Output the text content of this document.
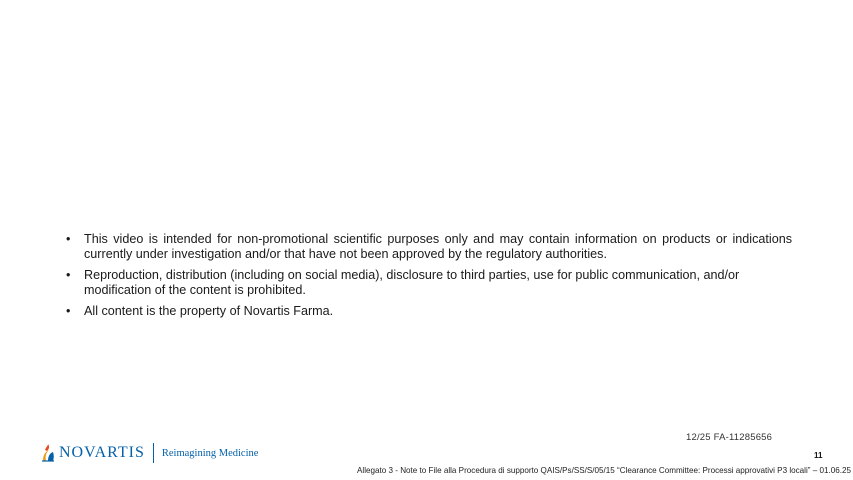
• This video is intended for non-promotional scientific purposes only and may contain information on products or indications currently under investigation and/or that have not been approved by the regulatory authorities.
• Reproduction, distribution (including on social media), disclosure to third parties, use for public communication, and/or modification of the content is prohibited.
• All content is the property of Novartis Farma.
NOVARTIS Reimagining Medicine
12/25 FA-11285656
11
Allegato 3 - Note to File alla Procedura di supporto QAIS/Ps/SS/S/05/15 “Clearance Committee: Processi approvativi P3 locali” – 01.06.25
